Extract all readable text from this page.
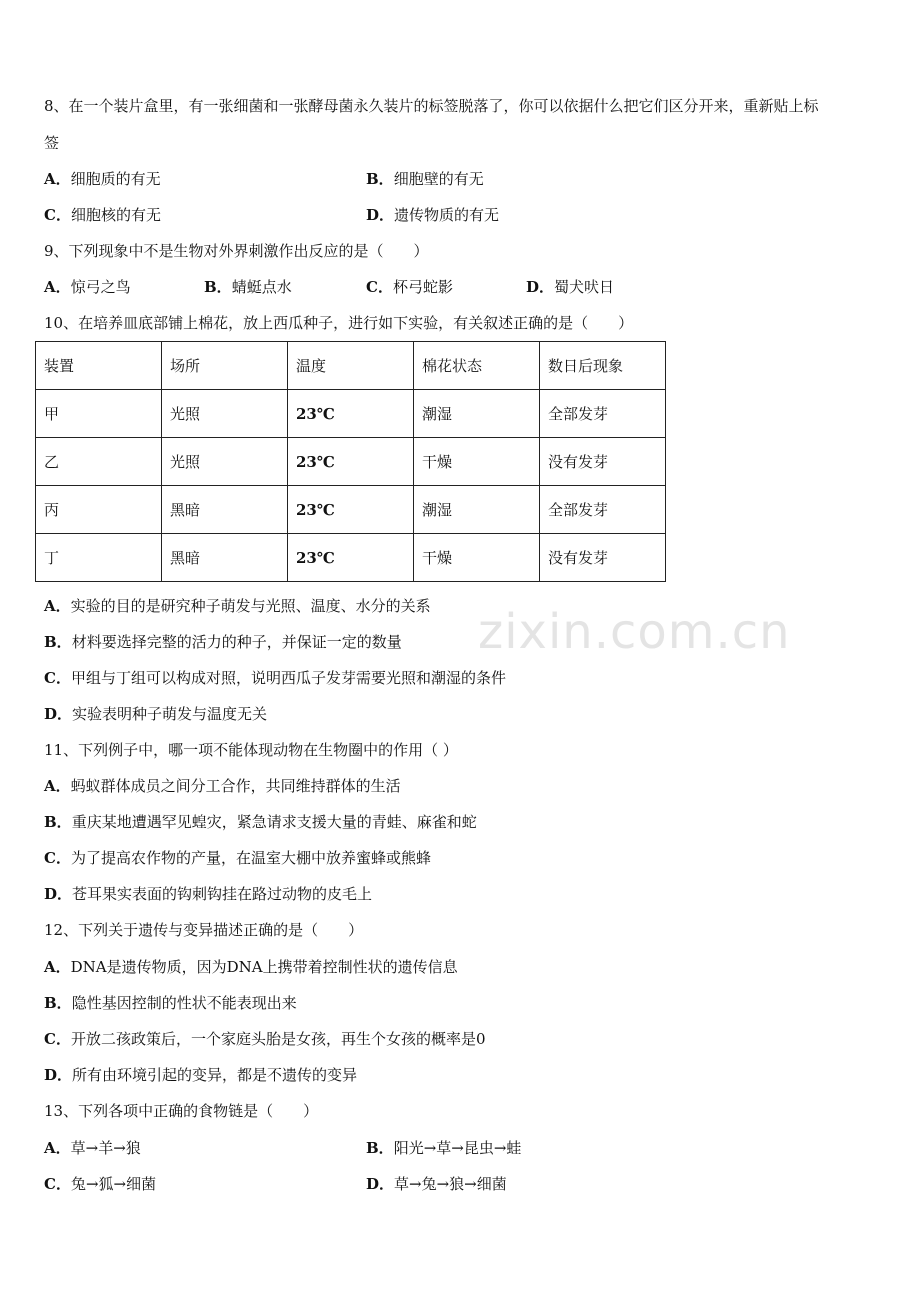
zixin.com.cn
8、在一个装片盒里，有一张细菌和一张酵母菌永久装片的标签脱落了，你可以依据什么把它们区分开来，重新贴上标
签
A．细胞质的有无	B．细胞壁的有无
C．细胞核的有无	D．遗传物质的有无
9、下列现象中不是生物对外界刺激作出反应的是（　　）
A．惊弓之鸟	B．蜻蜓点水	C．杯弓蛇影	D．蜀犬吠日
10、在培养皿底部铺上棉花，放上西瓜种子，进行如下实验，有关叙述正确的是（　　）
装置	场所	温度	棉花状态	数日后现象
甲	光照	23℃	潮湿	全部发芽
乙	光照	23℃	干燥	没有发芽
丙	黑暗	23℃	潮湿	全部发芽
丁	黑暗	23℃	干燥	没有发芽
A．实验的目的是研究种子萌发与光照、温度、水分的关系
B．材料要选择完整的活力的种子，并保证一定的数量
C．甲组与丁组可以构成对照，说明西瓜子发芽需要光照和潮湿的条件
D．实验表明种子萌发与温度无关
11、下列例子中，哪一项不能体现动物在生物圈中的作用（ ）
A．蚂蚁群体成员之间分工合作，共同维持群体的生活
B．重庆某地遭遇罕见蝗灾，紧急请求支援大量的青蛙、麻雀和蛇
C．为了提高农作物的产量，在温室大棚中放养蜜蜂或熊蜂
D．苍耳果实表面的钩刺钩挂在路过动物的皮毛上
12、下列关于遗传与变异描述正确的是（　　）
A．DNA是遗传物质，因为DNA上携带着控制性状的遗传信息
B．隐性基因控制的性状不能表现出来
C．开放二孩政策后，一个家庭头胎是女孩，再生个女孩的概率是0
D．所有由环境引起的变异，都是不遗传的变异
13、下列各项中正确的食物链是（　　）
A．草→羊→狼	B．阳光→草→昆虫→蛙
C．兔→狐→细菌	D．草→兔→狼→细菌
